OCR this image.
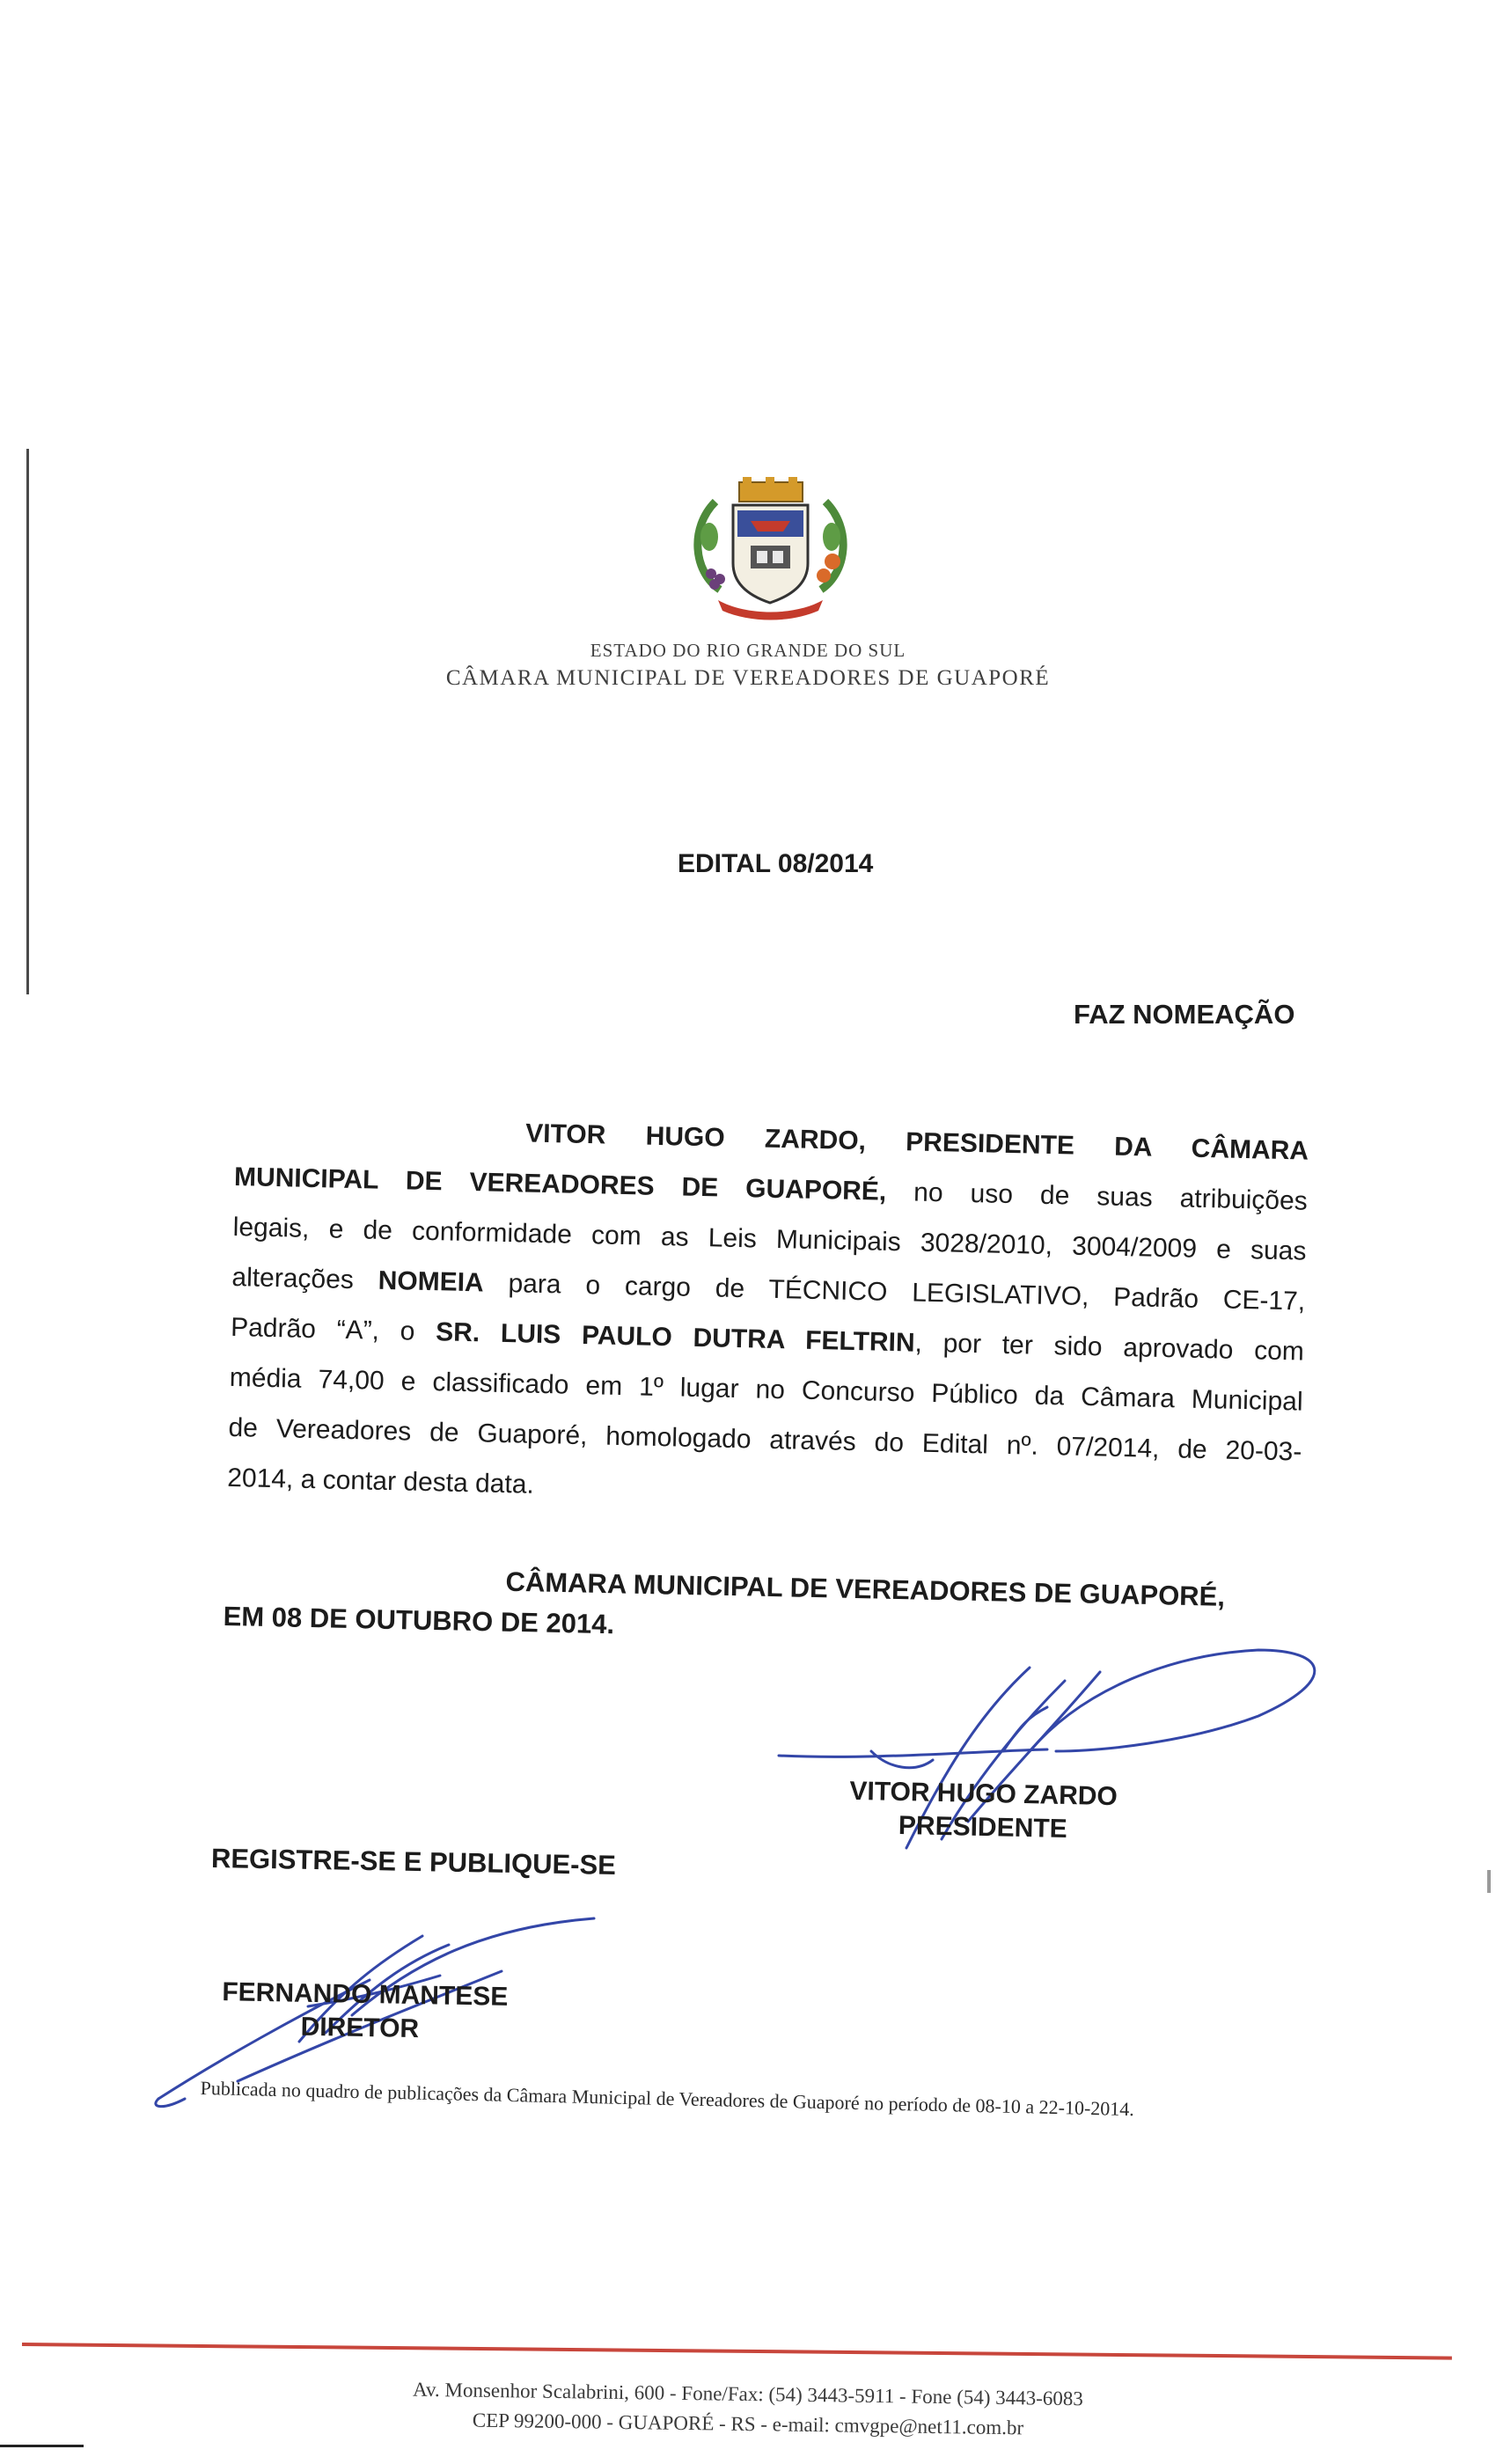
ESTADO DO RIO GRANDE DO SUL
CÂMARA MUNICIPAL DE VEREADORES DE GUAPORÉ
EDITAL 08/2014
FAZ NOMEAÇÃO
VITOR HUGO ZARDO, PRESIDENTE DA CÂMARA
MUNICIPAL DE VEREADORES DE GUAPORÉ, no uso de suas atribuições
legais, e de conformidade com as Leis Municipais 3028/2010, 3004/2009 e suas
alterações NOMEIA para o cargo de TÉCNICO LEGISLATIVO, Padrão CE-17,
Padrão “A”, o SR. LUIS PAULO DUTRA FELTRIN, por ter sido aprovado com
média 74,00 e classificado em 1º lugar no Concurso Público da Câmara Municipal
de Vereadores de Guaporé, homologado através do Edital nº. 07/2014, de 20-03-
2014, a contar desta data.
CÂMARA MUNICIPAL DE VEREADORES DE GUAPORÉ,
EM 08 DE OUTUBRO DE 2014.
VITOR HUGO ZARDO
PRESIDENTE
REGISTRE-SE E PUBLIQUE-SE
FERNANDO MANTESE
DIRETOR
Publicada no quadro de publicações da Câmara Municipal de Vereadores de Guaporé no período de 08-10 a 22-10-2014.
Av. Monsenhor Scalabrini, 600 - Fone/Fax: (54) 3443-5911 - Fone (54) 3443-6083
CEP 99200-000 - GUAPORÉ - RS - e-mail: cmvgpe@net11.com.br
